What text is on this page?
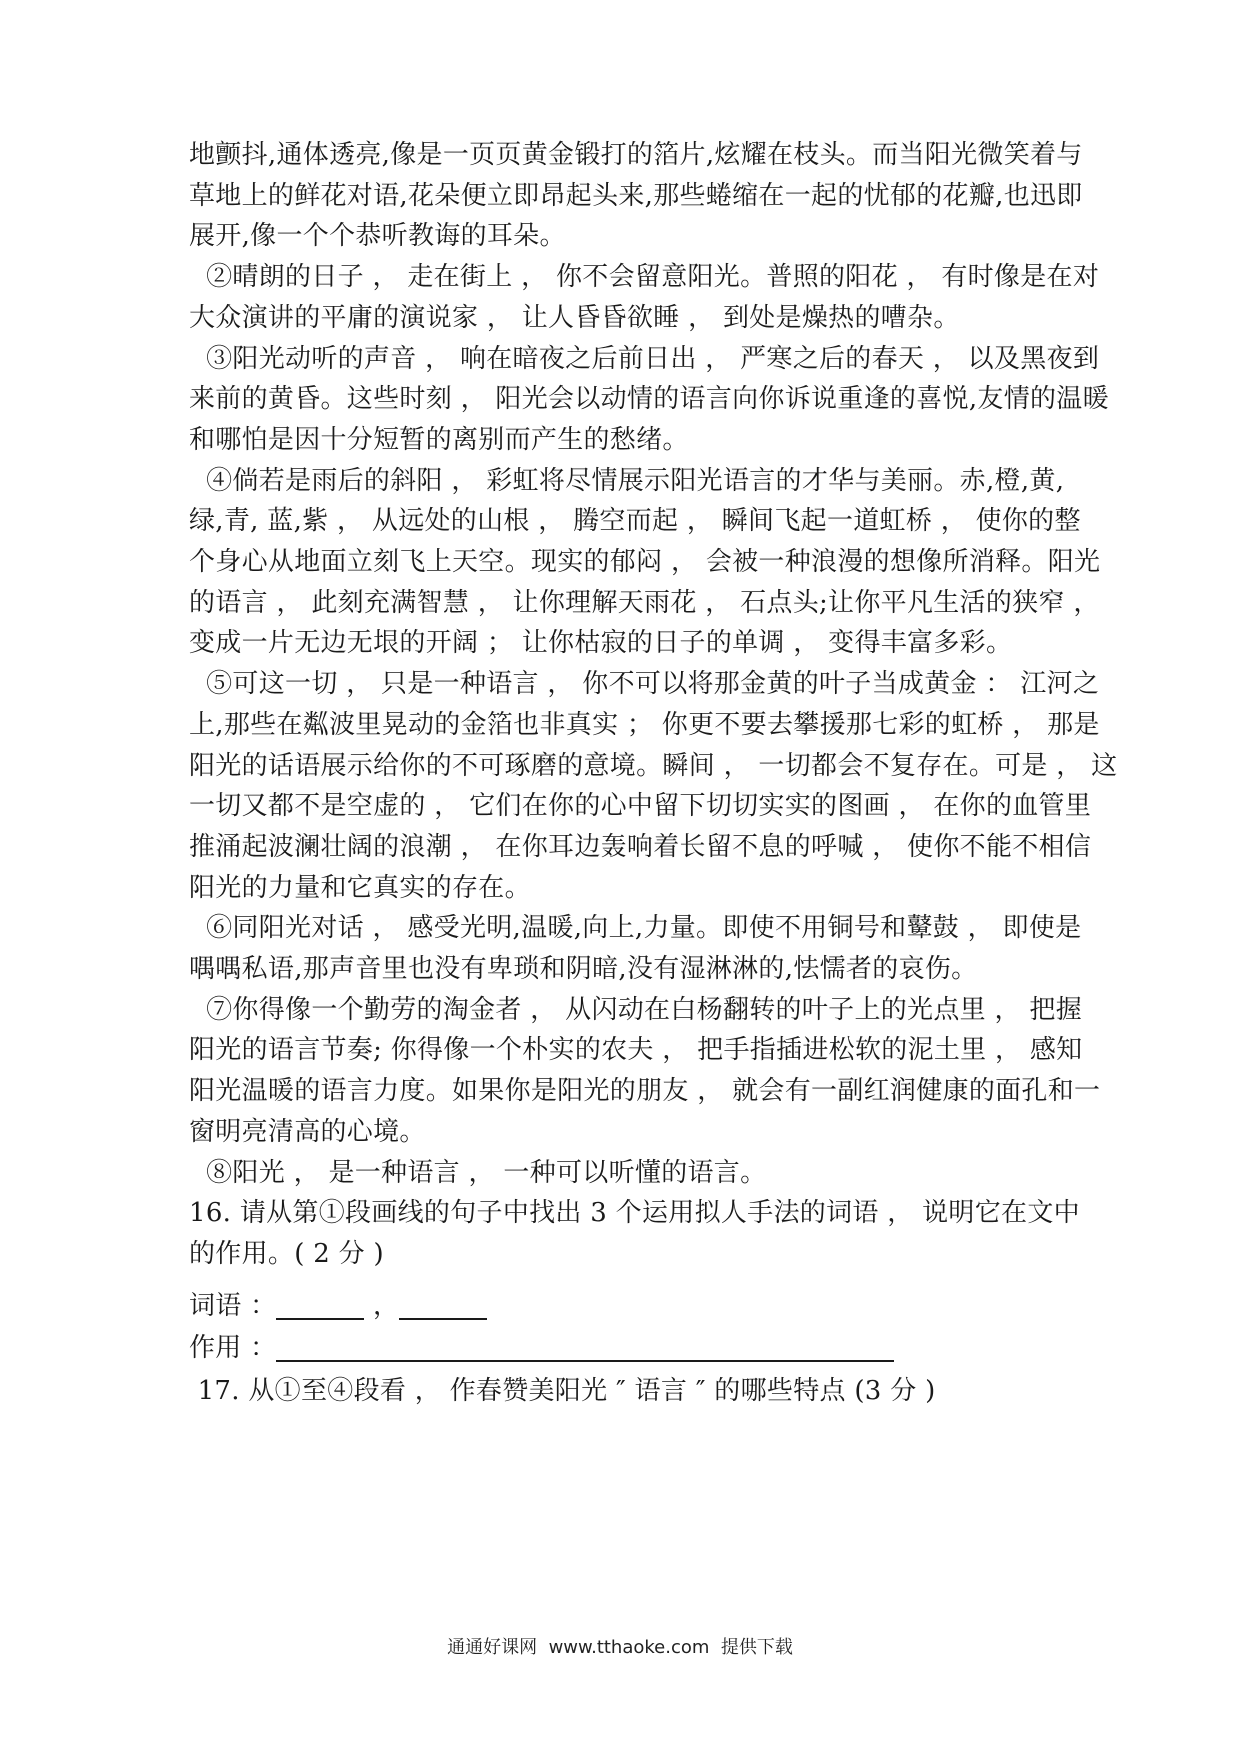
地颤抖,通体透亮,像是一页页黄金锻打的箔片,炫耀在枝头。而当阳光微笑着与
草地上的鲜花对语,花朵便立即昂起头来,那些蜷缩在一起的忧郁的花瓣,也迅即
展开,像一个个恭听教诲的耳朵。
②晴朗的日子 ， 走在街上 ， 你不会留意阳光。普照的阳花 ， 有时像是在对
大众演讲的平庸的演说家 ， 让人昏昏欲睡 ， 到处是燥热的嘈杂。
③阳光动听的声音 ， 响在暗夜之后前日出 ， 严寒之后的春天 ， 以及黑夜到
来前的黄昏。这些时刻 ， 阳光会以动情的语言向你诉说重逢的喜悦,友情的温暖
和哪怕是因十分短暂的离别而产生的愁绪。
④倘若是雨后的斜阳 ， 彩虹将尽情展示阳光语言的才华与美丽。赤,橙,黄,
绿,青, 蓝,紫 ， 从远处的山根 ， 腾空而起 ， 瞬间飞起一道虹桥 ， 使你的整
个身心从地面立刻飞上天空。现实的郁闷 ， 会被一种浪漫的想像所消释。阳光
的语言 ， 此刻充满智慧 ， 让你理解天雨花 ， 石点头;让你平凡生活的狭窄 ，
变成一片无边无垠的开阔 ； 让你枯寂的日子的单调 ， 变得丰富多彩。
⑤可这一切 ， 只是一种语言 ， 你不可以将那金黄的叶子当成黄金 ： 江河之
上,那些在粼波里晃动的金箔也非真实 ； 你更不要去攀援那七彩的虹桥 ， 那是
阳光的话语展示给你的不可琢磨的意境。瞬间 ， 一切都会不复存在。可是 ， 这
一切又都不是空虚的 ， 它们在你的心中留下切切实实的图画 ， 在你的血管里
推涌起波澜壮阔的浪潮 ， 在你耳边轰响着长留不息的呼喊 ， 使你不能不相信
阳光的力量和它真实的存在。
⑥同阳光对话 ， 感受光明,温暖,向上,力量。即使不用铜号和鼙鼓 ， 即使是
喁喁私语,那声音里也没有卑琐和阴暗,没有湿淋淋的,怯懦者的哀伤。
⑦你得像一个勤劳的淘金者 ， 从闪动在白杨翻转的叶子上的光点里 ， 把握
阳光的语言节奏; 你得像一个朴实的农夫 ， 把手指插进松软的泥土里 ， 感知
阳光温暖的语言力度。如果你是阳光的朋友 ， 就会有一副红润健康的面孔和一
窗明亮清高的心境。
⑧阳光 ， 是一种语言 ， 一种可以听懂的语言。
16. 请从第①段画线的句子中找出 3 个运用拟人手法的词语 ， 说明它在文中
的作用。( 2 分 )
词语 ：	，
作用 ：
17. 从①至④段看 ， 作春赞美阳光 ″ 语言 ″ 的哪些特点 (3 分 )
通通好课网  www.tthaoke.com  提供下载
